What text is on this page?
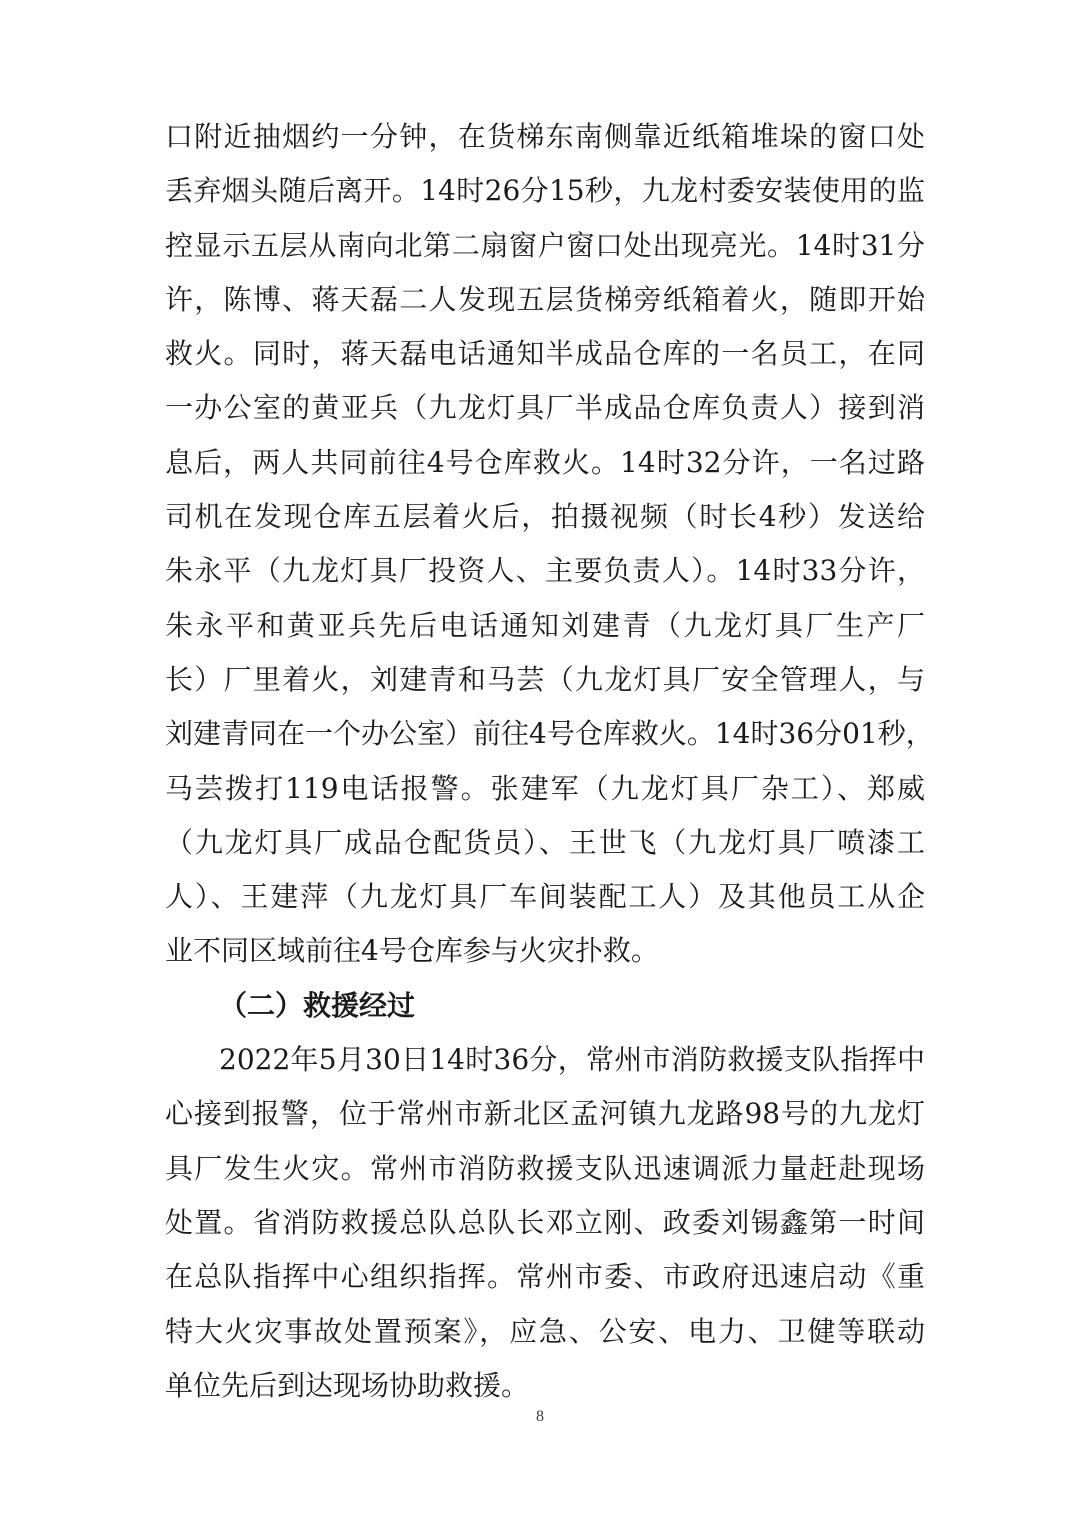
口附近抽烟约一分钟，在货梯东南侧靠近纸箱堆垛的窗口处
丢弃烟头随后离开。14时26分15秒，九龙村委安装使用的监
控显示五层从南向北第二扇窗户窗口处出现亮光。14时31分
许，陈博、蒋天磊二人发现五层货梯旁纸箱着火，随即开始
救火。同时，蒋天磊电话通知半成品仓库的一名员工，在同
一办公室的黄亚兵（九龙灯具厂半成品仓库负责人）接到消
息后，两人共同前往4号仓库救火。14时32分许，一名过路
司机在发现仓库五层着火后，拍摄视频（时长4秒）发送给
朱永平（九龙灯具厂投资人、主要负责人）。14时33分许，
朱永平和黄亚兵先后电话通知刘建青（九龙灯具厂生产厂
长）厂里着火，刘建青和马芸（九龙灯具厂安全管理人，与
刘建青同在一个办公室）前往4号仓库救火。14时36分01秒，
马芸拨打119电话报警。张建军（九龙灯具厂杂工）、郑威
（九龙灯具厂成品仓配货员）、王世飞（九龙灯具厂喷漆工
人）、王建萍（九龙灯具厂车间装配工人）及其他员工从企
业不同区域前往4号仓库参与火灾扑救。
（二）救援经过
2022年5月30日14时36分，常州市消防救援支队指挥中
心接到报警，位于常州市新北区孟河镇九龙路98号的九龙灯
具厂发生火灾。常州市消防救援支队迅速调派力量赶赴现场
处置。省消防救援总队总队长邓立刚、政委刘锡鑫第一时间
在总队指挥中心组织指挥。常州市委、市政府迅速启动《重
特大火灾事故处置预案》，应急、公安、电力、卫健等联动
单位先后到达现场协助救援。
8
